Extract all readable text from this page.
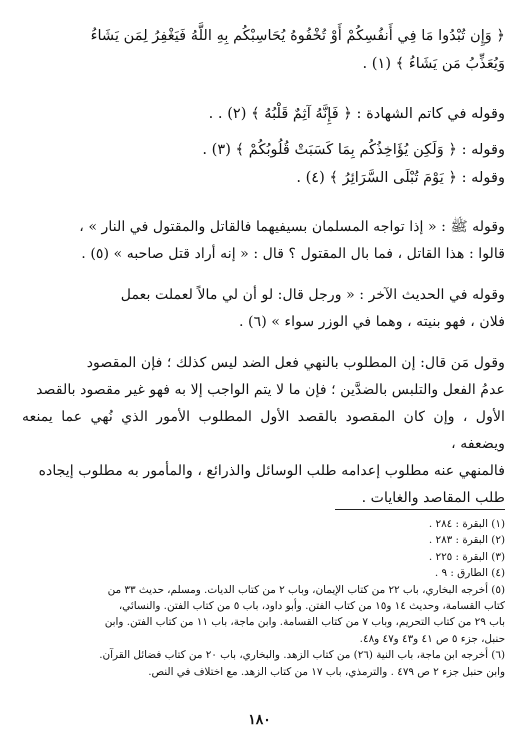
﴿ وَإِن تُبْدُوا مَا فِي أَنفُسِكُمْ أَوْ تُخْفُوهُ يُحَاسِبْكُم بِهِ اللَّهُ فَيَغْفِرُ لِمَن يَشَاءُ
وَيُعَذِّبُ مَن يَشَاءُ ﴾ (١) .

وقوله في كاتم الشهادة : ﴿ فَإِنَّهُ آثِمٌ قَلْبُهُ ﴾ (٢) . .

وقوله : ﴿ وَلَكِن يُؤَاخِذُكُم بِمَا كَسَبَتْ قُلُوبُكُمْ ﴾ (٣) .

وقوله : ﴿ يَوْمَ تُبْلَى السَّرَائِرُ ﴾ (٤) .

وقوله ﷺ : « إذا تواجه المسلمان بسيفيهما فالقاتل والمقتول في النار » ،
قالوا : هذا القاتل ، فما بال المقتول ؟ قال : « إنه أراد قتل صاحبه » (٥) .

وقوله في الحديث الآخر : « ورجل قال: لو أن لي مالاً لعملت بعمل
فلان ، فهو بنيته ، وهما في الوزر سواء » (٦) .

وقول مَن قال: إن المطلوب بالنهي فعل الضد ليس كذلك ؛ فإن المقصود
عدمُ الفعل والتلبس بالضدَّين ؛ فإن ما لا يتم الواجب إلا به فهو غير مقصود بالقصد
الأول ، وإن كان المقصود بالقصد الأول المطلوب الأمور الذي نُهي عما يمنعه ويضعفه ،
فالمنهي عنه مطلوب إعدامه طلب الوسائل والذرائع ، والمأمور به مطلوب إيجاده
طلب المقاصد والغايات .

(١) البقرة : ٢٨٤ .

(٢) البقرة : ٢٨٣ .

(٣) البقرة : ٢٢٥ .

(٤) الطارق : ٩ .

(٥) أخرجه البخاري، باب ٢٢ من كتاب الإيمان، وباب ٢ من كتاب الديات. ومسلم، حديث ٣٣ من

كتاب القسامة، وحديث ١٤ و١٥ من كتاب الفتن. وأبو داود، باب ٥ من كتاب الفتن. والنسائي،

باب ٢٩ من كتاب التحريم، وباب ٧ من كتاب القسامة. وابن ماجة، باب ١١ من كتاب الفتن. وابن

حنبل، جزء ٥ ص ٤١ و٤٣ و٤٧ و٤٨.

(٦) أخرجه ابن ماجة، باب النية (٢٦) من كتاب الزهد. والبخاري، باب ٢٠ من كتاب فضائل القرآن.

وابن حنبل جزء ٢ ص ٤٧٩ . والترمذي، باب ١٧ من كتاب الزهد. مع اختلاف في النص.

١٨٠
